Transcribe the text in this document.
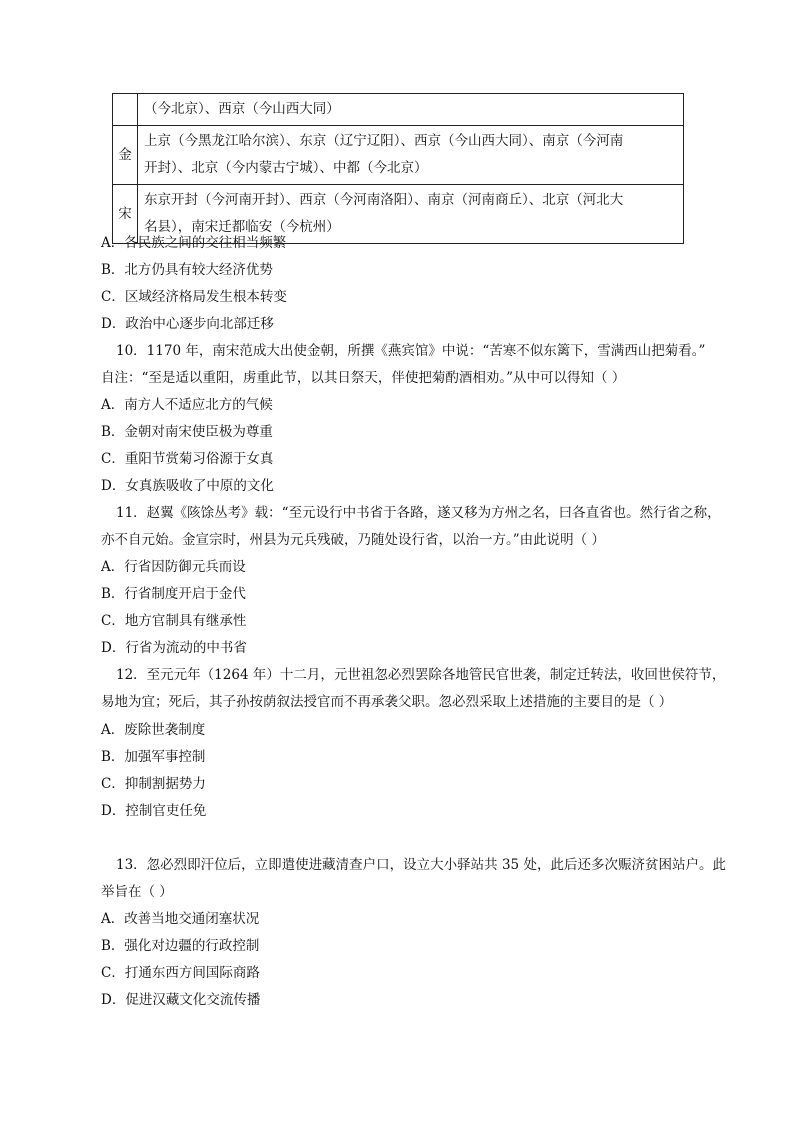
	（今北京）、西京（今山西大同）

金	上京（今黑龙江哈尔滨）、东京（辽宁辽阳）、西京（今山西大同）、南京（今河南
开封）、北京（今内蒙古宁城）、中都（今北京）

宋	东京开封（今河南开封）、西京（今河南洛阳）、南京（河南商丘）、北京（河北大
名县），南宋迁都临安（今杭州）
A．各民族之间的交往相当频繁
B．北方仍具有较大经济优势
C．区域经济格局发生根本转变
D．政治中心逐步向北部迁移
10．1170 年，南宋范成大出使金朝，所撰《燕宾馆》中说：“苦寒不似东篱下，雪满西山把菊看。”
自注：“至是适以重阳，虏重此节，以其日祭天，伴使把菊酌酒相劝。”从中可以得知（ ）
A．南方人不适应北方的气候
B．金朝对南宋使臣极为尊重
C．重阳节赏菊习俗源于女真
D．女真族吸收了中原的文化
11．赵翼《陔馀丛考》载：“至元设行中书省于各路，遂又移为方州之名，曰各直省也。然行省之称，
亦不自元始。金宣宗时，州县为元兵残破，乃随处设行省，以治一方。”由此说明（ ）
A．行省因防御元兵而设
B．行省制度开启于金代
C．地方官制具有继承性
D．行省为流动的中书省
12．至元元年（1264 年）十二月，元世祖忽必烈罢除各地管民官世袭，制定迁转法，收回世侯符节，
易地为宜；死后，其子孙按荫叙法授官而不再承袭父职。忽必烈采取上述措施的主要目的是（ ）
A．废除世袭制度
B．加强军事控制
C．抑制割据势力
D．控制官吏任免
13．忽必烈即汗位后，立即遣使进藏清查户口，设立大小驿站共 35 处，此后还多次赈济贫困站户。此
举旨在（ ）
A．改善当地交通闭塞状况
B．强化对边疆的行政控制
C．打通东西方间国际商路
D．促进汉藏文化交流传播
